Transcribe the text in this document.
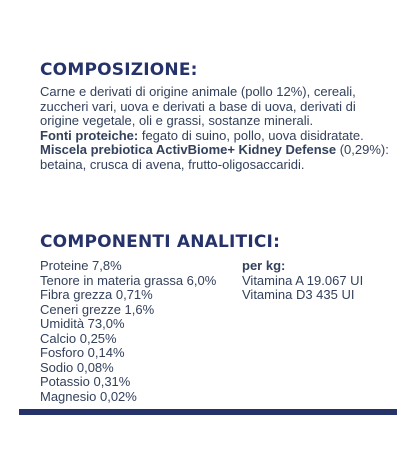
COMPOSIZIONE:

Carne e derivati di origine animale (pollo 12%), cereali, zuccheri vari, uova e derivati a base di uova, derivati di origine vegetale, oli e grassi, sostanze minerali.

Fonti proteiche: fegato di suino, pollo, uova disidratate.

Miscela prebiotica ActivBiome+ Kidney Defense (0,29%): betaina, crusca di avena, frutto-oligosaccaridi.

COMPONENTI ANALITICI:
Proteine 7,8%
Tenore in materia grassa 6,0%
Fibra grezza 0,71%
Ceneri grezze 1,6%
Umidità 73,0%
Calcio 0,25%
Fosforo 0,14%
Sodio 0,08%
Potassio 0,31%
Magnesio 0,02%
per kg:
Vitamina A 19.067 UI
Vitamina D3 435 UI
